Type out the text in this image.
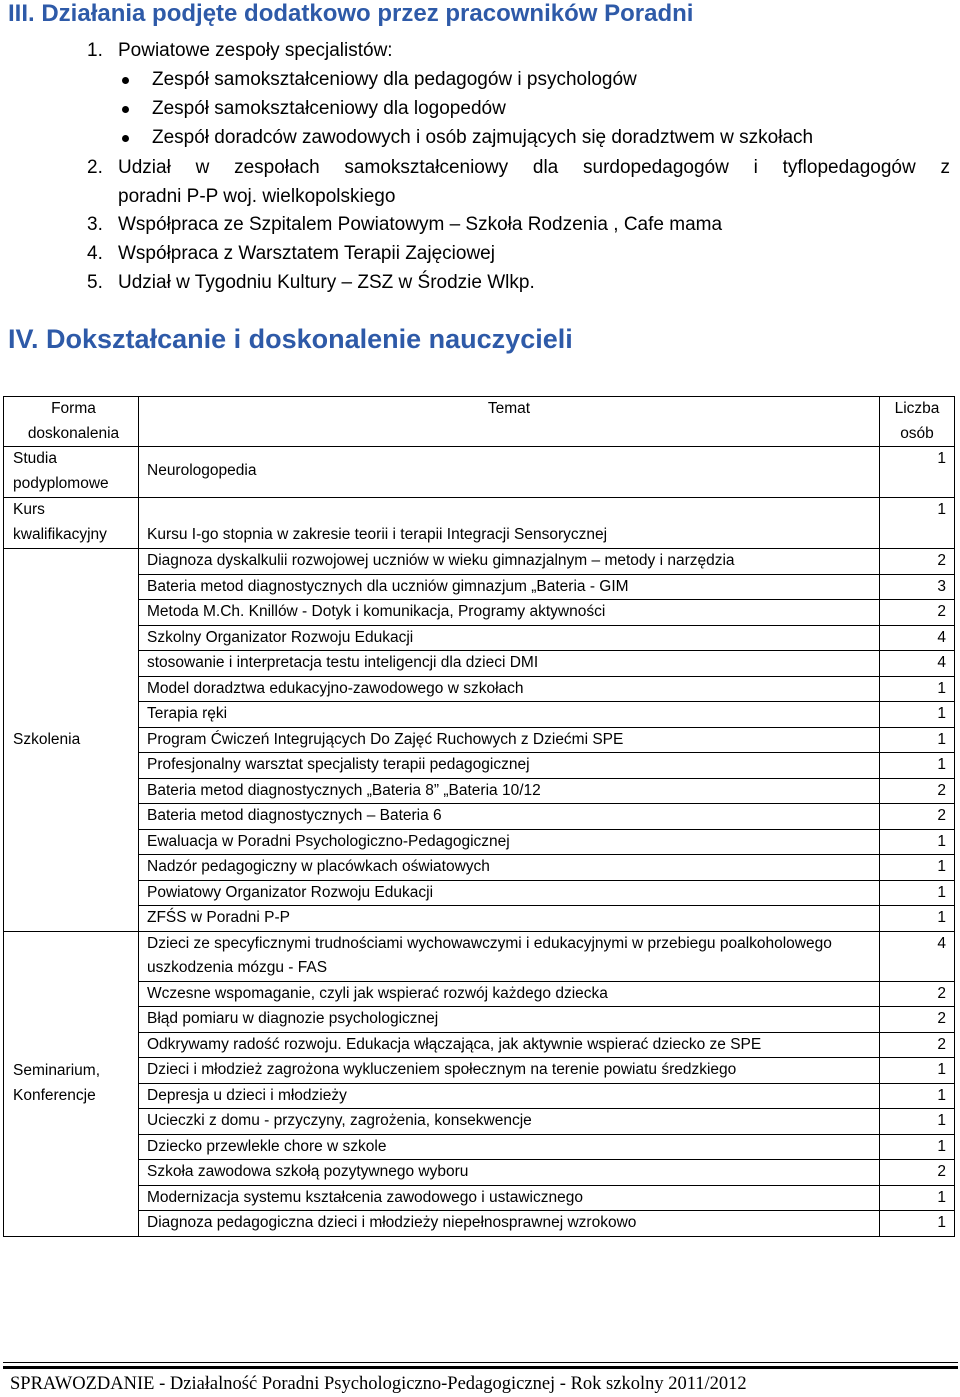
III. Działania podjęte dodatkowo przez pracowników Poradni
1. Powiatowe zespoły specjalistów:
Zespół samokształceniowy dla pedagogów i psychologów
Zespół samokształceniowy dla logopedów
Zespół doradców zawodowych i osób zajmujących się doradztwem w szkołach
2. Udział w zespołach samokształceniowy dla surdopedagogów i tyflopedagogów z
poradni P-P woj. wielkopolskiego
3. Współpraca ze Szpitalem Powiatowym – Szkoła Rodzenia , Cafe mama
4. Współpraca z Warsztatem Terapii Zajęciowej
5. Udział w Tygodniu Kultury – ZSZ w Środzie Wlkp.
IV. Dokształcanie i doskonalenie nauczycieli
Forma doskonalenia	Temat	Liczba osób
Studia podyplomowe	Neurologopedia	1
Kurs kwalifikacyjny	Kursu I-go stopnia w zakresie teorii i terapii Integracji Sensorycznej	1
Szkolenia	Diagnoza dyskalkulii rozwojowej uczniów w wieku gimnazjalnym – metody i narzędzia	2
	Bateria metod diagnostycznych dla uczniów gimnazjum „Bateria - GIM	3
	Metoda M.Ch. Knillów - Dotyk i komunikacja, Programy aktywności	2
	Szkolny Organizator Rozwoju Edukacji	4
	stosowanie i interpretacja testu inteligencji dla dzieci DMI	4
	Model doradztwa edukacyjno-zawodowego w szkołach	1
	Terapia ręki	1
	Program Ćwiczeń Integrujących Do Zajęć Ruchowych z Dziećmi SPE	1
	Profesjonalny warsztat specjalisty terapii pedagogicznej	1
	Bateria metod diagnostycznych „Bateria 8” „Bateria 10/12	2
	Bateria metod diagnostycznych – Bateria 6	2
	Ewaluacja w Poradni Psychologiczno-Pedagogicznej	1
	Nadzór pedagogiczny w placówkach oświatowych	1
	Powiatowy Organizator Rozwoju Edukacji	1
	ZFŚS w Poradni P-P	1
Seminarium, Konferencje	Dzieci ze specyficznymi trudnościami wychowawczymi i edukacyjnymi w przebiegu poalkoholowego uszkodzenia mózgu - FAS	4
	Wczesne wspomaganie, czyli jak wspierać rozwój każdego dziecka	2
	Błąd pomiaru w diagnozie psychologicznej	2
	Odkrywamy radość rozwoju. Edukacja włączająca, jak aktywnie wspierać dziecko ze SPE	2
	Dzieci i młodzież zagrożona wykluczeniem społecznym na terenie powiatu średzkiego	1
	Depresja u dzieci i młodzieży	1
	Ucieczki z domu - przyczyny, zagrożenia, konsekwencje	1
	Dziecko przewlekle chore w szkole	1
	Szkoła zawodowa szkołą pozytywnego wyboru	2
	Modernizacja systemu kształcenia zawodowego i ustawicznego	1
	Diagnoza pedagogiczna dzieci i młodzieży niepełnosprawnej wzrokowo	1
SPRAWOZDANIE - Działalność Poradni Psychologiczno-Pedagogicznej - Rok szkolny 2011/2012
